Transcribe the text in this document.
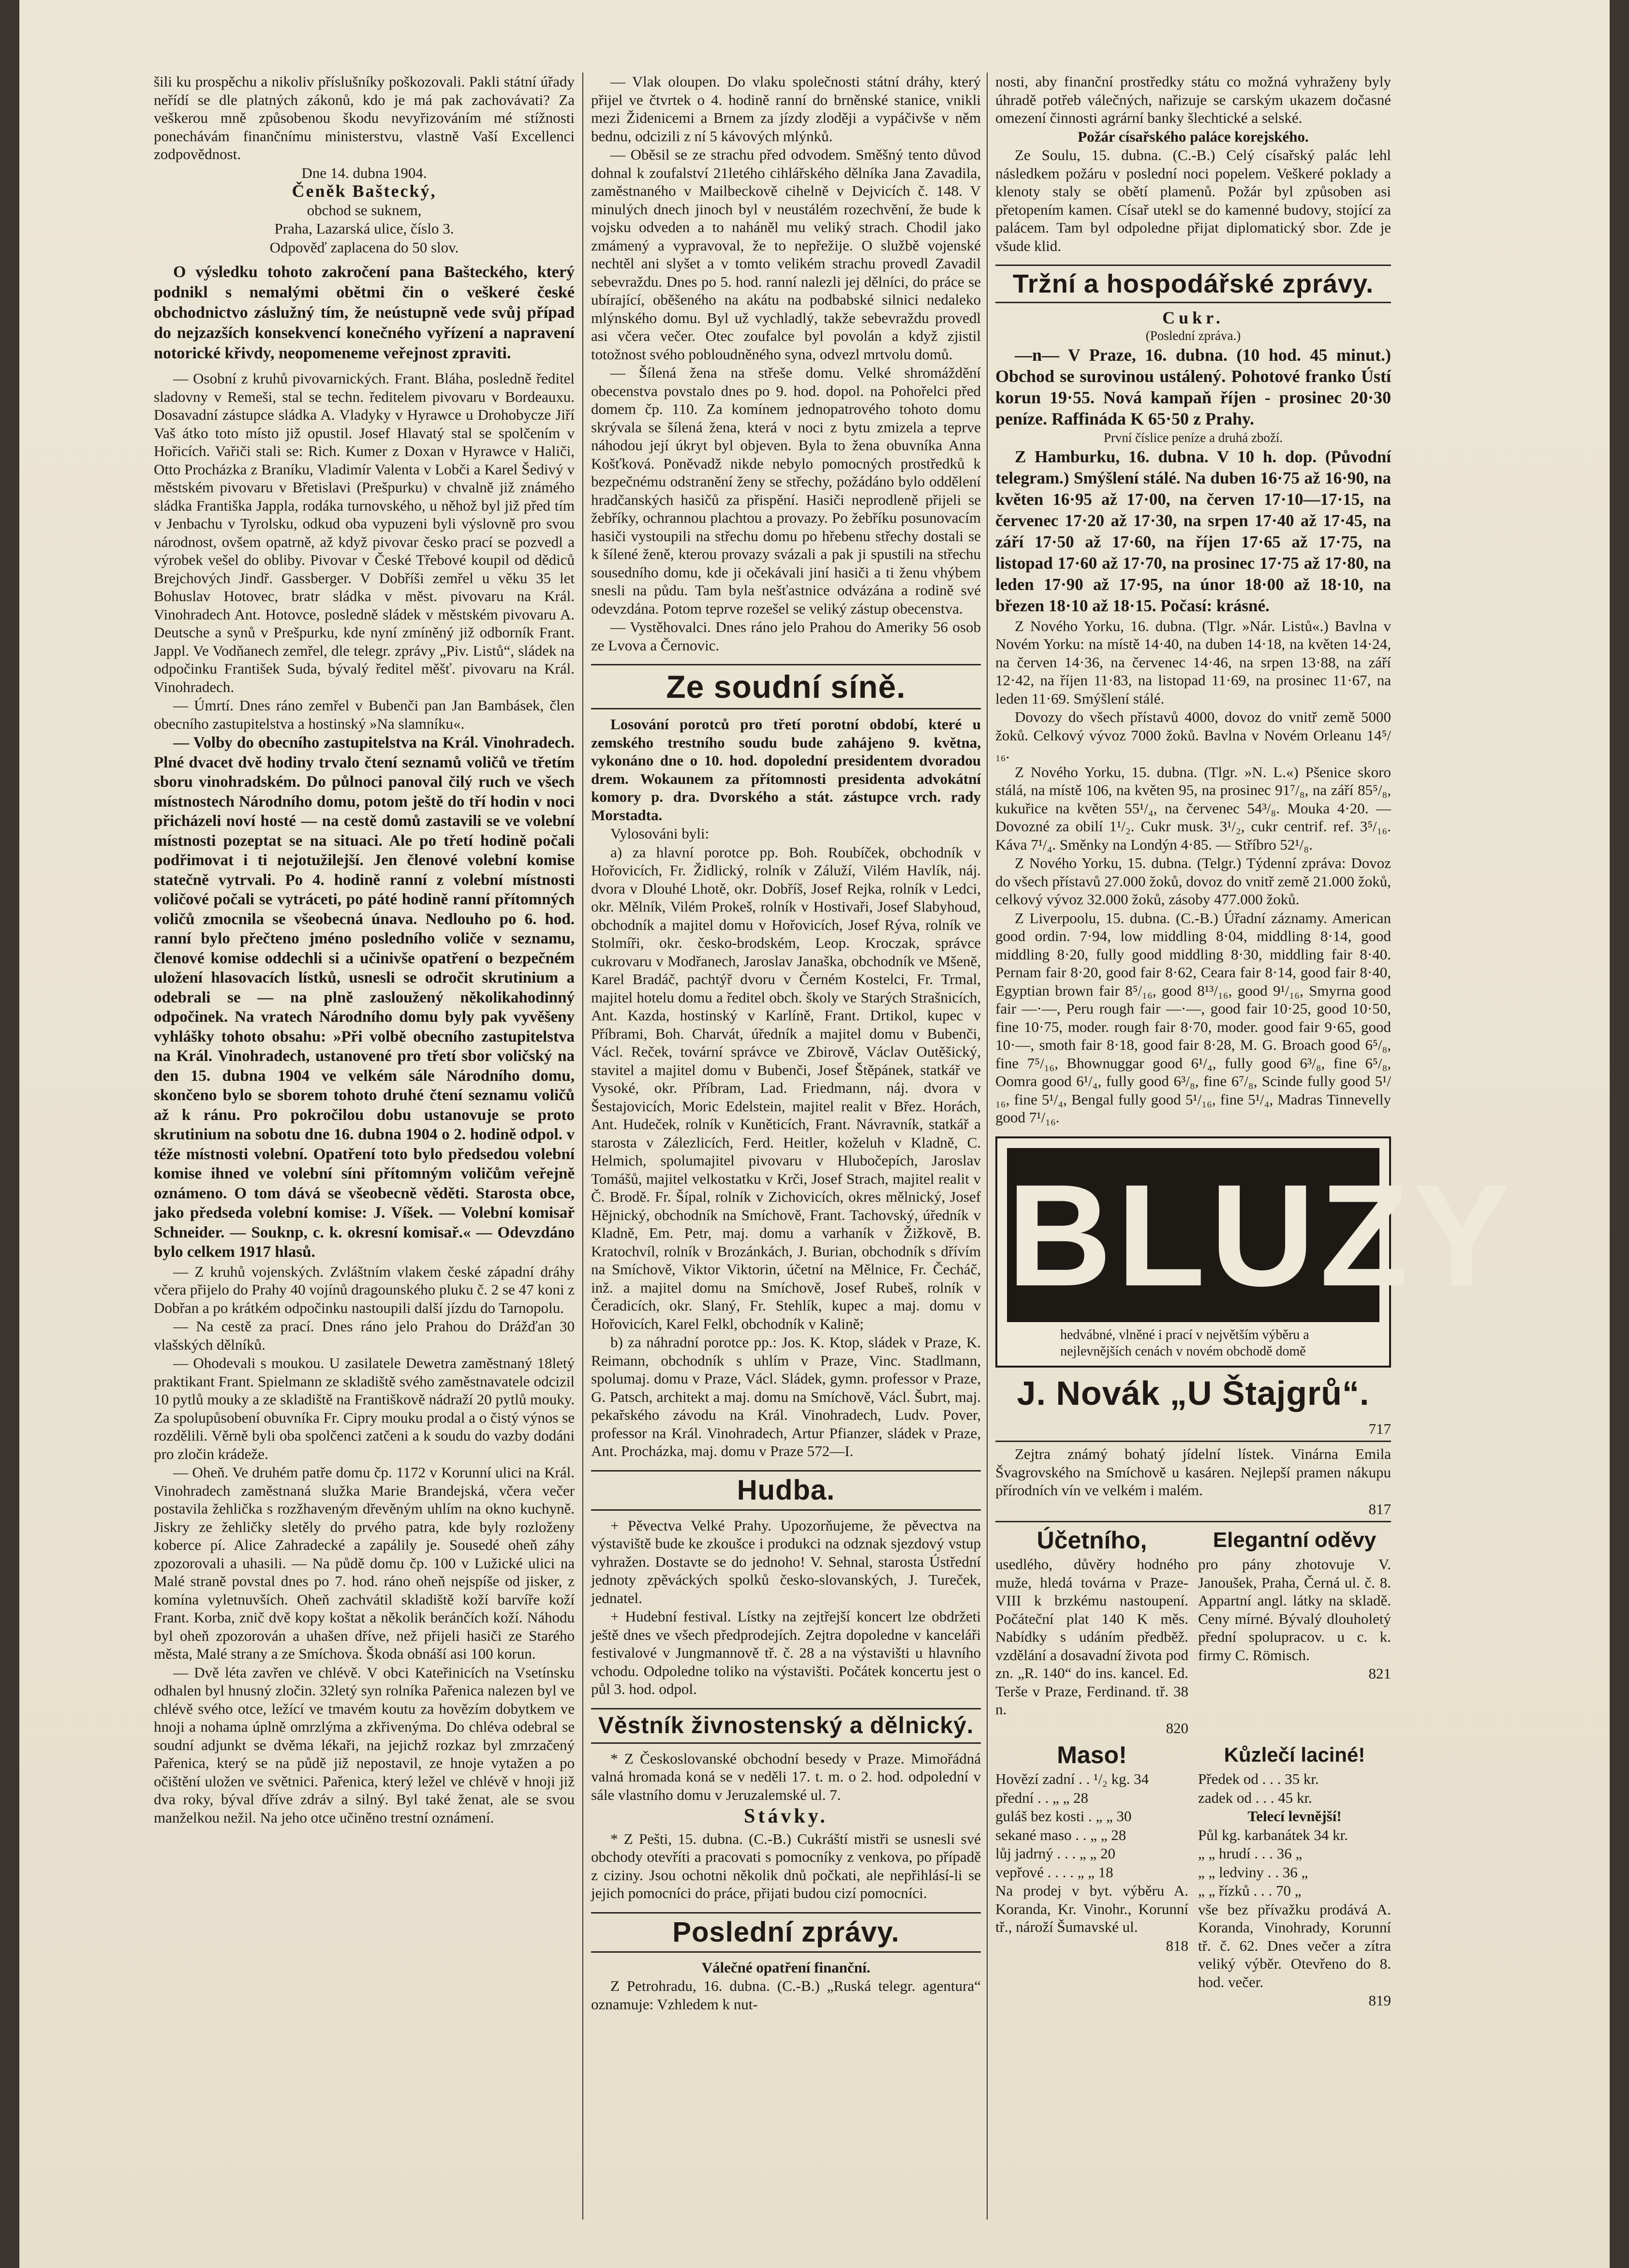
šili ku prospěchu a nikoliv příslušníky poškozovali. Pakli státní úřady neřídí se dle platných zákonů, kdo je má pak zachovávati? Za veškerou mně způsobenou škodu nevyřizováním mé stížnosti ponechávám finančnímu ministerstvu, vlastně Vaší Excellenci zodpovědnost.

Dne 14. dubna 1904.

Čeněk Baštecký,

obchod se suknem,

Praha, Lazarská ulice, číslo 3.

Odpověď zaplacena do 50 slov.

O výsledku tohoto zakročení pana Bašteckého, který podnikl s nemalými obětmi čin o veškeré české obchodnictvo záslužný tím, že neústupně vede svůj případ do nejzazších konsekvencí konečného vyřízení a napravení notorické křivdy, neopomeneme veřejnost zpraviti.

— Osobní z kruhů pivovarnických. Frant. Bláha, posledně ředitel sladovny v Remeši, stal se techn. ředitelem pivovaru v Bordeauxu. Dosavadní zástupce sládka A. Vladyky v Hyrawce u Drohobycze Jiří Vaš átko toto místo již opustil. Josef Hlavatý stal se spolčením v Hořicích. Vařiči stali se: Rich. Kumer z Doxan v Hyrawce v Haliči, Otto Procházka z Braníku, Vladimír Valenta v Lobči a Karel Šedivý v městském pivovaru v Břetislavi (Prešpurku) v chvalně již známého sládka Františka Jappla, rodáka turnovského, u něhož byl již před tím v Jenbachu v Tyrolsku, odkud oba vypuzeni byli výslovně pro svou národnost, ovšem opatrně, až když pivovar česko prací se pozvedl a výrobek vešel do obliby. Pivovar v České Třebové koupil od dědiců Brejchových Jindř. Gassberger. V Dobříši zemřel u věku 35 let Bohuslav Hotovec, bratr sládka v měst. pivovaru na Král. Vinohradech Ant. Hotovce, posledně sládek v městském pivovaru A. Deutsche a synů v Prešpurku, kde nyní zmíněný již odborník Frant. Jappl. Ve Vodňanech zemřel, dle telegr. zprávy „Piv. Listů“, sládek na odpočinku František Suda, bývalý ředitel měšť. pivovaru na Král. Vinohradech.

— Úmrtí. Dnes ráno zemřel v Bubenči pan Jan Bambásek, člen obecního zastupitelstva a hostinský »Na slamníku«.

— Volby do obecního zastupitelstva na Král. Vinohradech. Plné dvacet dvě hodiny trvalo čtení seznamů voličů ve třetím sboru vinohradském. Do půlnoci panoval čilý ruch ve všech místnostech Národního domu, potom ještě do tří hodin v noci přicházeli noví hosté — na cestě domů zastavili se ve volební místnosti pozeptat se na situaci. Ale po třetí hodině počali podřimovat i ti nejotužilejší. Jen členové volební komise statečně vytrvali. Po 4. hodině ranní z volební místnosti voličové počali se vytráceti, po páté hodině ranní přítomných voličů zmocnila se všeobecná únava. Nedlouho po 6. hod. ranní bylo přečteno jméno posledního voliče v seznamu, členové komise oddechli si a učinivše opatření o bezpečném uložení hlasovacích lístků, usnesli se odročit skrutinium a odebrali se — na plně zasloužený několikahodinný odpočinek. Na vratech Národního domu byly pak vyvěšeny vyhlášky tohoto obsahu: »Při volbě obecního zastupitelstva na Král. Vinohradech, ustanovené pro třetí sbor voličský na den 15. dubna 1904 ve velkém sále Národního domu, skončeno bylo se sborem tohoto druhé čtení seznamu voličů až k ránu. Pro pokročilou dobu ustanovuje se proto skrutinium na sobotu dne 16. dubna 1904 o 2. hodině odpol. v téže místnosti volební. Opatření toto bylo předsedou volební komise ihned ve volební síni přítomným voličům veřejně oznámeno. O tom dává se všeobecně věděti. Starosta obce, jako předseda volební komise: J. Víšek. — Volební komisař Schneider. — Souknp, c. k. okresní komisař.« — Odevzdáno bylo celkem 1917 hlasů.

— Z kruhů vojenských. Zvláštním vlakem české západní dráhy včera přijelo do Prahy 40 vojínů dragounského pluku č. 2 se 47 koni z Dobřan a po krátkém odpočinku nastoupili další jízdu do Tarnopolu.

— Na cestě za prací. Dnes ráno jelo Prahou do Drážďan 30 vlašských dělníků.

— Ohodevali s moukou. U zasilatele Dewetra zaměstnaný 18letý praktikant Frant. Spielmann ze skladiště svého zaměstnavatele odcizil 10 pytlů mouky a ze skladiště na Františkově nádraží 20 pytlů mouky. Za spolupůsobení obuvníka Fr. Cipry mouku prodal a o čistý výnos se rozdělili. Věrně byli oba spolčenci zatčeni a k soudu do vazby dodáni pro zločin krádeže.

— Oheň. Ve druhém patře domu čp. 1172 v Korunní ulici na Král. Vinohradech zaměstnaná služka Marie Brandejská, včera večer postavila žehlička s rozžhaveným dřevěným uhlím na okno kuchyně. Jiskry ze žehličky sletěly do prvého patra, kde byly rozloženy koberce pí. Alice Zahradecké a zapálily je. Sousedé oheň záhy zpozorovali a uhasili. — Na půdě domu čp. 100 v Lužické ulici na Malé straně povstal dnes po 7. hod. ráno oheň nejspíše od jisker, z komína vyletnuvších. Oheň zachvátil skladiště koží barvíře koží Frant. Korba, znič dvě kopy koštat a několik beránčích koží. Náhodu byl oheň zpozorován a uhašen dříve, než přijeli hasiči ze Starého města, Malé strany a ze Smíchova. Škoda obnáší asi 100 korun.

— Dvě léta zavřen ve chlévě. V obci Kateřinicích na Vsetínsku odhalen byl hnusný zločin. 32letý syn rolníka Pařenica nalezen byl ve chlévě svého otce, ležící ve tmavém koutu za hovězím dobytkem ve hnoji a nohama úplně omrzlýma a zkřivenýma. Do chléva odebral se soudní adjunkt se dvěma lékaři, na jejichž rozkaz byl zmrzačený Pařenica, který se na půdě již nepostavil, ze hnoje vytažen a po očištění uložen ve světnici. Pařenica, který ležel ve chlévě v hnoji již dva roky, býval dříve zdráv a silný. Byl také ženat, ale se svou manželkou nežil. Na jeho otce učiněno trestní oznámení.

— Vlak oloupen. Do vlaku společnosti státní dráhy, který přijel ve čtvrtek o 4. hodině ranní do brněnské stanice, vnikli mezi Židenicemi a Brnem za jízdy zloději a vypáčivše v něm bednu, odcizili z ní 5 kávových mlýnků.

— Oběsil se ze strachu před odvodem. Směšný tento důvod dohnal k zoufalství 21letého cihlářského dělníka Jana Zavadila, zaměstnaného v Mailbeckově cihelně v Dejvicích č. 148. V minulých dnech jinoch byl v neustálém rozechvění, že bude k vojsku odveden a to naháněl mu veliký strach. Chodil jako zmámený a vypravoval, že to nepřežije. O službě vojenské nechtěl ani slyšet a v tomto velikém strachu provedl Zavadil sebevraždu. Dnes po 5. hod. ranní nalezli jej dělníci, do práce se ubírající, oběšeného na akátu na podbabské silnici nedaleko mlýnského domu. Byl už vychladlý, takže sebevraždu provedl asi včera večer. Otec zoufalce byl povolán a když zjistil totožnost svého pobloudněného syna, odvezl mrtvolu domů.

— Šílená žena na střeše domu. Velké shromáždění obecenstva povstalo dnes po 9. hod. dopol. na Pohořelci před domem čp. 110. Za komínem jednopatrového tohoto domu skrývala se šílená žena, která v noci z bytu zmizela a teprve náhodou její úkryt byl objeven. Byla to žena obuvníka Anna Košťková. Poněvadž nikde nebylo pomocných prostředků k bezpečnému odstranění ženy se střechy, požádáno bylo oddělení hradčanských hasičů za přispění. Hasiči neprodleně přijeli se žebříky, ochrannou plachtou a provazy. Po žebříku posunovacím hasiči vystoupili na střechu domu po hřebenu střechy dostali se k šílené ženě, kterou provazy svázali a pak ji spustili na střechu sousedního domu, kde ji očekávali jiní hasiči a ti ženu vhýbem snesli na půdu. Tam byla nešťastnice odvázána a rodině své odevzdána. Potom teprve rozešel se veliký zástup obecenstva.

— Vystěhovalci. Dnes ráno jelo Prahou do Ameriky 56 osob ze Lvova a Černovic.

Ze soudní síně.

Losování porotců pro třetí porotní období, které u zemského trestního soudu bude zahájeno 9. května, vykonáno dne o 10. hod. dopolední presidentem dvoradou drem. Wokaunem za přítomnosti presidenta advokátní komory p. dra. Dvorského a stát. zástupce vrch. rady Morstadta.

Vylosováni byli:

a) za hlavní porotce pp. Boh. Roubíček, obchodník v Hořovicích, Fr. Židlický, rolník v Záluží, Vilém Havlík, náj. dvora v Dlouhé Lhotě, okr. Dobříš, Josef Rejka, rolník v Ledci, okr. Mělník, Vilém Prokeš, rolník v Hostivaři, Josef Slabyhoud, obchodník a majitel domu v Hořovicích, Josef Rýva, rolník ve Stolmíři, okr. česko-brodském, Leop. Kroczak, správce cukrovaru v Modřanech, Jaroslav Janaška, obchodník ve Mšeně, Karel Bradáč, pachtýř dvoru v Černém Kostelci, Fr. Trmal, majitel hotelu domu a ředitel obch. školy ve Starých Strašnicích, Ant. Kazda, hostinský v Karlíně, Frant. Drtikol, kupec v Příbrami, Boh. Charvát, úředník a majitel domu v Bubenči, Václ. Reček, tovární správce ve Zbirově, Václav Outěšický, stavitel a majitel domu v Bubenči, Josef Štěpánek, statkář ve Vysoké, okr. Příbram, Lad. Friedmann, náj. dvora v Šestajovicích, Moric Edelstein, majitel realit v Břez. Horách, Ant. Hudeček, rolník v Kuněticích, Frant. Návravník, statkář a starosta v Zálezlicích, Ferd. Heitler, koželuh v Kladně, C. Helmich, spolumajitel pivovaru v Hlubočepích, Jaroslav Tomášů, majitel velkostatku v Krči, Josef Strach, majitel realit v Č. Brodě. Fr. Šípal, rolník v Zichovicích, okres mělnický, Josef Hějnický, obchodník na Smíchově, Frant. Tachovský, úředník v Kladně, Em. Petr, maj. domu a varhaník v Žižkově, B. Kratochvíl, rolník v Brozánkách, J. Burian, obchodník s dřívím na Smíchově, Viktor Viktorin, účetní na Mělnice, Fr. Čecháč, inž. a majitel domu na Smíchově, Josef Rubeš, rolník v Čeradicích, okr. Slaný, Fr. Stehlík, kupec a maj. domu v Hořovicích, Karel Felkl, obchodník v Kalině;

b) za náhradní porotce pp.: Jos. K. Ktop, sládek v Praze, K. Reimann, obchodník s uhlím v Praze, Vinc. Stadlmann, spolumaj. domu v Praze, Václ. Sládek, gymn. professor v Praze, G. Patsch, architekt a maj. domu na Smíchově, Václ. Šubrt, maj. pekařského závodu na Král. Vinohradech, Ludv. Pover, professor na Král. Vinohradech, Artur Pfianzer, sládek v Praze, Ant. Procházka, maj. domu v Praze 572—I.

Hudba.

+ Pěvectva Velké Prahy. Upozorňujeme, že pěvectva na výstaviště bude ke zkoušce i produkci na odznak sjezdový vstup vyhražen. Dostavte se do jednoho! V. Sehnal, starosta Ústřední jednoty zpěváckých spolků česko-slovanských, J. Tureček, jednatel.

+ Hudební festival. Lístky na zejtřejší koncert lze obdržeti ještě dnes ve všech předprodejích. Zejtra dopoledne v kanceláři festivalové v Jungmannově tř. č. 28 a na výstavišti u hlavního vchodu. Odpoledne toliko na výstavišti. Počátek koncertu jest o půl 3. hod. odpol.

Věstník živnostenský a dělnický.

* Z Českoslovanské obchodní besedy v Praze. Mimořádná valná hromada koná se v neděli 17. t. m. o 2. hod. odpolední v sále vlastního domu v Jeruzalemské ul. 7.

Stávky.

* Z Pešti, 15. dubna. (C.-B.) Cukráští mistři se usnesli své obchody otevříti a pracovati s pomocníky z venkova, po případě z ciziny. Jsou ochotni několik dnů počkati, ale nepřihlásí-li se jejich pomocníci do práce, přijati budou cizí pomocníci.

Poslední zprávy.

Válečné opatření finanční.

Z Petrohradu, 16. dubna. (C.-B.) „Ruská telegr. agentura“ oznamuje: Vzhledem k nut-

nosti, aby finanční prostředky státu co možná vyhraženy byly úhradě potřeb válečných, nařizuje se carským ukazem dočasné omezení činnosti agrární banky šlechtické a selské.

Požár císařského paláce korejského.

Ze Soulu, 15. dubna. (C.-B.) Celý císařský palác lehl následkem požáru v poslední noci popelem. Veškeré poklady a klenoty staly se obětí plamenů. Požár byl způsoben asi přetopením kamen. Císař utekl se do kamenné budovy, stojící za palácem. Tam byl odpoledne přijat diplomatický sbor. Zde je všude klid.

Tržní a hospodářské zprávy.

Cukr.

(Poslední zpráva.)

—n— V Praze, 16. dubna. (10 hod. 45 minut.) Obchod se surovinou ustálený. Pohotové franko Ústí korun 19·55. Nová kampaň říjen - prosinec 20·30 peníze. Raffináda K 65·50 z Prahy.

První číslice peníze a druhá zboží.

Z Hamburku, 16. dubna. V 10 h. dop. (Původní telegram.) Smýšlení stálé. Na duben 16·75 až 16·90, na květen 16·95 až 17·00, na červen 17·10—17·15, na červenec 17·20 až 17·30, na srpen 17·40 až 17·45, na září 17·50 až 17·60, na říjen 17·65 až 17·75, na listopad 17·60 až 17·70, na prosinec 17·75 až 17·80, na leden 17·90 až 17·95, na únor 18·00 až 18·10, na březen 18·10 až 18·15. Počasí: krásné.

Z Nového Yorku, 16. dubna. (Tlgr. »Nár. Listů«.) Bavlna v Novém Yorku: na místě 14·40, na duben 14·18, na květen 14·24, na červen 14·36, na červenec 14·46, na srpen 13·88, na září 12·42, na říjen 11·83, na listopad 11·69, na prosinec 11·67, na leden 11·69. Smýšlení stálé.

Dovozy do všech přístavů 4000, dovoz do vnitř země 5000 žoků. Celkový vývoz 7000 žoků. Bavlna v Novém Orleanu 14⁵/₁₆.

Z Nového Yorku, 15. dubna. (Tlgr. »N. L.«) Pšenice skoro stálá, na místě 106, na květen 95, na prosinec 91⁷/₈, na září 85⁵/₈, kukuřice na květen 55¹/₄, na červenec 54³/₈. Mouka 4·20. — Dovozné za obilí 1¹/₂. Cukr musk. 3¹/₂, cukr centrif. ref. 3⁵/₁₆. Káva 7¹/₄. Směnky na Londýn 4·85. — Stříbro 52¹/₈.

Z Nového Yorku, 15. dubna. (Telgr.) Týdenní zpráva: Dovoz do všech přístavů 27.000 žoků, dovoz do vnitř země 21.000 žoků, celkový vývoz 32.000 žoků, zásoby 477.000 žoků.

Z Liverpoolu, 15. dubna. (C.-B.) Úřadní záznamy. American good ordin. 7·94, low middling 8·04, middling 8·14, good middling 8·20, fully good middling 8·30, middling fair 8·40. Pernam fair 8·20, good fair 8·62, Ceara fair 8·14, good fair 8·40, Egyptian brown fair 8⁵/₁₆, good 8¹³/₁₆, good 9¹/₁₆, Smyrna good fair —·—, Peru rough fair —·—, good fair 10·25, good 10·50, fine 10·75, moder. rough fair 8·70, moder. good fair 9·65, good 10·—, smoth fair 8·18, good fair 8·28, M. G. Broach good 6⁵/₈, fine 7⁵/₁₆, Bhownuggar good 6¹/₄, fully good 6³/₈, fine 6⁵/₈, Oomra good 6¹/₄, fully good 6³/₈, fine 6⁷/₈, Scinde fully good 5¹/₁₆, fine 5¹/₄, Bengal fully good 5¹/₁₆, fine 5¹/₄, Madras Tinnevelly good 7¹/₁₆.

BLUZY
hedvábné, vlněné i prací v největším výběru a nejlevnějších cenách v novém obchodě domě
J. Novák „U Štajgrů“.

717

Zejtra známý bohatý jídelní lístek. Vinárna Emila Švagrovského na Smíchově u kasáren. Nejlepší pramen nákupu přírodních vín ve velkém i malém.

817

Účetního,

usedlého, důvěry hodného muže, hledá továrna v Praze-VIII k brzkému nastoupení. Počáteční plat 140 K měs. Nabídky s udáním předběž. vzdělání a dosavadní života pod zn. „R. 140“ do ins. kancel. Ed. Terše v Praze, Ferdinand. tř. 38 n.

820

Elegantní oděvy

pro pány zhotovuje V. Janoušek, Praha, Černá ul. č. 8. Appartní angl. látky na skladě. Ceny mírné. Bývalý dlouholetý přední spolupracov. u c. k. firmy C. Römisch.

821

Maso!

Hovězí zadní . . ¹/₂ kg. 34

přední . . „ „ 28

guláš bez kosti . „ „ 30

sekané maso . . „ „ 28

lůj jadrný . . . „ „ 20

vepřové . . . . „ „ 18

Na prodej v byt. výběru A. Koranda, Kr. Vinohr., Korunní tř., nároží Šumavské ul.

818

Kůzlečí laciné!

Předek od . . . 35 kr.

zadek od . . . 45 kr.

Telecí levnější!

Půl kg. karbanátek 34 kr.

„ „ hrudí . . . 36 „

„ „ ledviny . . 36 „

„ „ řízků . . . 70 „

vše bez přívažku prodává A. Koranda, Vinohrady, Korunní tř. č. 62. Dnes večer a zítra veliký výběr. Otevřeno do 8. hod. večer.

819
